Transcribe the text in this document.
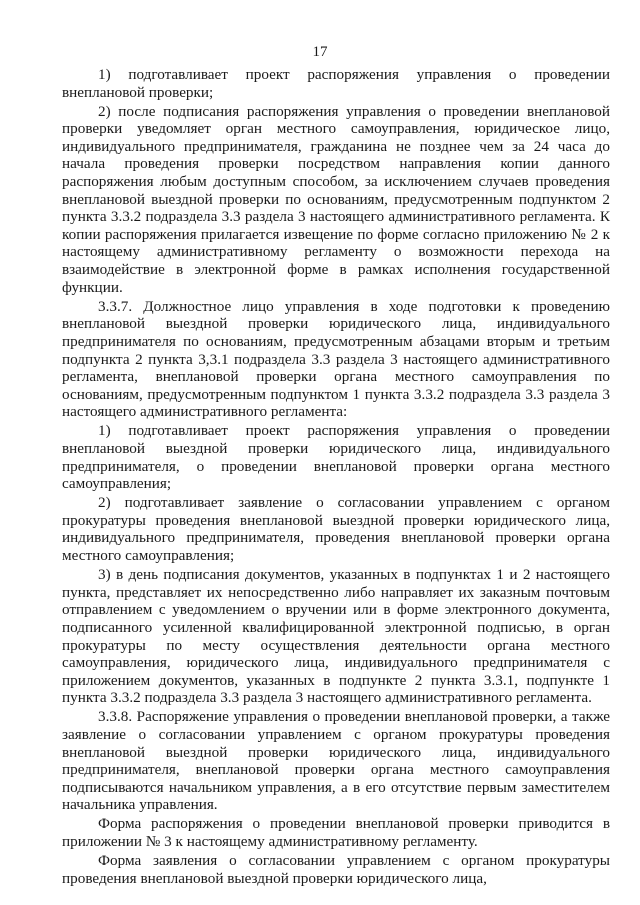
17

1) подготавливает проект распоряжения управления о проведении внеплановой проверки;

2) после подписания распоряжения управления о проведении внеплановой проверки уведомляет орган местного самоуправления, юридическое лицо, индивидуального предпринимателя, гражданина не позднее чем за 24 часа до начала проведения проверки посредством направления копии данного распоряжения любым доступным способом, за исключением случаев проведения внеплановой выездной проверки по основаниям, предусмотренным подпунктом 2 пункта 3.3.2 подраздела 3.3 раздела 3 настоящего административного регламента. К копии распоряжения прилагается извещение по форме согласно приложению № 2 к настоящему административному регламенту о возможности перехода на взаимодействие в электронной форме в рамках исполнения государственной функции.

3.3.7. Должностное лицо управления в ходе подготовки к проведению внеплановой выездной проверки юридического лица, индивидуального предпринимателя по основаниям, предусмотренным абзацами вторым и третьим подпункта 2 пункта 3,3.1 подраздела 3.3 раздела 3 настоящего административного регламента, внеплановой проверки органа местного самоуправления по основаниям, предусмотренным подпунктом 1 пункта 3.3.2 подраздела 3.3 раздела 3 настоящего административного регламента:

1) подготавливает проект распоряжения управления о проведении внеплановой выездной проверки юридического лица, индивидуального предпринимателя, о проведении внеплановой проверки органа местного самоуправления;

2) подготавливает заявление о согласовании управлением с органом прокуратуры проведения внеплановой выездной проверки юридического лица, индивидуального предпринимателя, проведения внеплановой проверки органа местного самоуправления;

3) в день подписания документов, указанных в подпунктах 1 и 2 настоящего пункта, представляет их непосредственно либо направляет их заказным почтовым отправлением с уведомлением о вручении или в форме электронного документа, подписанного усиленной квалифицированной электронной подписью, в орган прокуратуры по месту осуществления деятельности органа местного самоуправления, юридического лица, индивидуального предпринимателя с приложением документов, указанных в подпункте 2 пункта 3.3.1, подпункте 1 пункта 3.3.2 подраздела 3.3 раздела 3 настоящего административного регламента.

3.3.8. Распоряжение управления о проведении внеплановой проверки, а также заявление о согласовании управлением с органом прокуратуры проведения внеплановой выездной проверки юридического лица, индивидуального предпринимателя, внеплановой проверки органа местного самоуправления подписываются начальником управления, а в его отсутствие первым заместителем начальника управления.

Форма распоряжения о проведении внеплановой проверки приводится в приложении № 3 к настоящему административному регламенту.

Форма заявления о согласовании управлением с органом прокуратуры проведения внеплановой выездной проверки юридического лица,
